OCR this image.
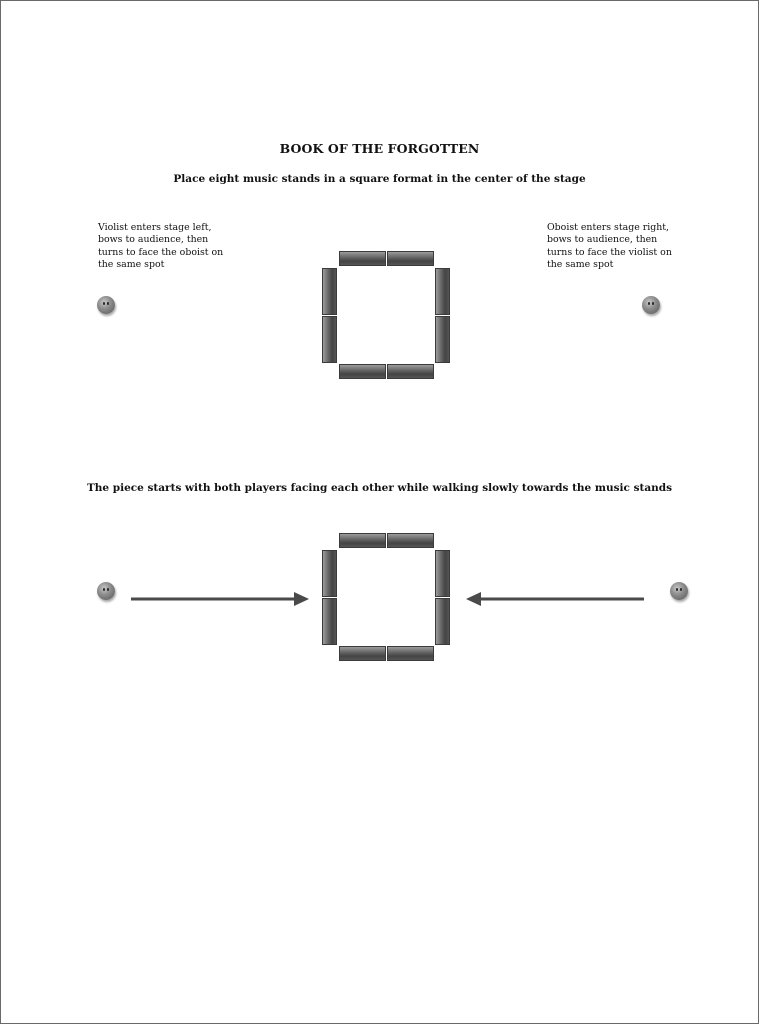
BOOK OF THE FORGOTTEN
Place eight music stands in a square format in the center of the stage
Violist enters stage left,
bows to audience, then
turns to face the oboist on
the same spot
Oboist enters stage right,
bows to audience, then
turns to face the violist on
the same spot
The piece starts with both players facing each other while walking slowly towards the music stands
